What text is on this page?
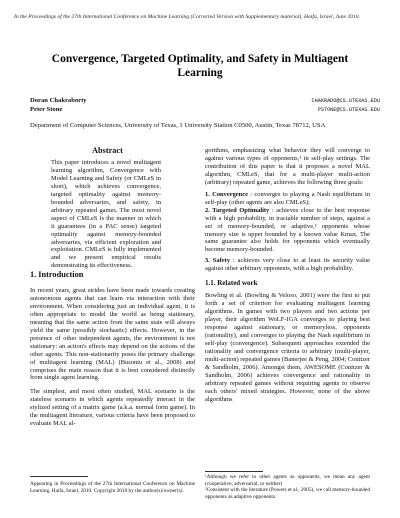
In the Proceedings of the 27th International Conference on Machine Learning (Corrected Version with Supplementary material), Haifa, Israel, June 2010.
Convergence, Targeted Optimality, and Safety in Multiagent Learning
Doran Chakraborty	CHAKRADO@CS.UTEXAS.EDU
Peter Stone	PSTONE@CS.UTEXAS.EDU
Department of Computer Sciences, University of Texas, 1 University Station C0500, Austin, Texas 78712, USA
Abstract
This paper introduces a novel multiagent learning algorithm, Convergence with Model Learning and Safety (or CMLeS in short), which achieves convergence, targeted optimality against memory-bounded adversaries, and safety, in arbitrary repeated games. The most novel aspect of CMLeS is the manner in which it guarantees (in a PAC sense) targeted optimality against memory-bounded adversaries, via efficient exploration and exploitation. CMLeS is fully implemented and we present empirical results demonstrating its effectiveness.
1. Introduction

In recent years, great strides have been made towards creating autonomous agents that can learn via interaction with their environment. When considering just an individual agent, it is often appropriate to model the world as being stationary, meaning that the same action from the same state will always yield the same (possibly stochastic) effects. However, in the presence of other independent agents, the environment is not stationary: an action's effects may depend on the actions of the other agents. This non-stationarity poses the primary challenge of multiagent learning (MAL) (Busoniu et al., 2008) and comprises the main reason that it is best considered distinctly from single agent learning.

The simplest, and most often studied, MAL scenario is the stateless scenario in which agents repeatedly interact in the stylized setting of a matrix game (a.k.a. normal form game). In the multiagent literature, various criteria have been proposed to evaluate MAL al-

Appearing in Proceedings of the 27th International Conference on Machine Learning, Haifa, Israel, 2010. Copyright 2010 by the author(s)/owner(s).

gorithms, emphasizing what behavior they will converge to against various types of opponents,¹ in self-play settings. The contribution of this paper is that it proposes a novel MAL algorithm, CMLeS, that for a multi-player multi-action (arbitrary) repeated game, achieves the following three goals:

1. Convergence : converges to playing a Nash equilibrium in self-play (other agents are also CMLeS);

2. Targeted Optimality : achieves close to the best response with a high probability, in tractable number of steps, against a set of memory-bounded, or adaptive,² opponents whose memory size is upper bounded by a known value Kmax. The same guarantee also holds for opponents which eventually become memory-bounded.

3. Safety : achieves very close to at least its security value against other arbitrary opponents, with a high probability.

1.1. Related work

Bowling et al. (Bowling & Veloso, 2001) were the first to put forth a set of criterion for evaluating multiagent learning algorithms. In games with two players and two actions per player, their algorithm WoLF-IGA converges to playing best response against stationary, or memoryless, opponents (rationality), and converges to playing the Nash equilibrium in self-play (convergence). Subsequent approaches extended the rationality and convergence criteria to arbitrary (multi-player, multi-action) repeated games (Banerjee & Peng, 2004; Conitzer & Sandholm, 2006). Amongst them, AWESOME (Conitzer & Sandholm, 2006) achieves convergence and rationality in arbitrary repeated games without requiring agents to observe each others' mixed strategies. However, none of the above algorithms

¹Although we refer to other agents as opponents, we mean any agent (cooperative, adversarial, or neither)

²Consistent with the literature (Powers et al., 2005), we call memory-bounded opponents as adaptive opponents.
